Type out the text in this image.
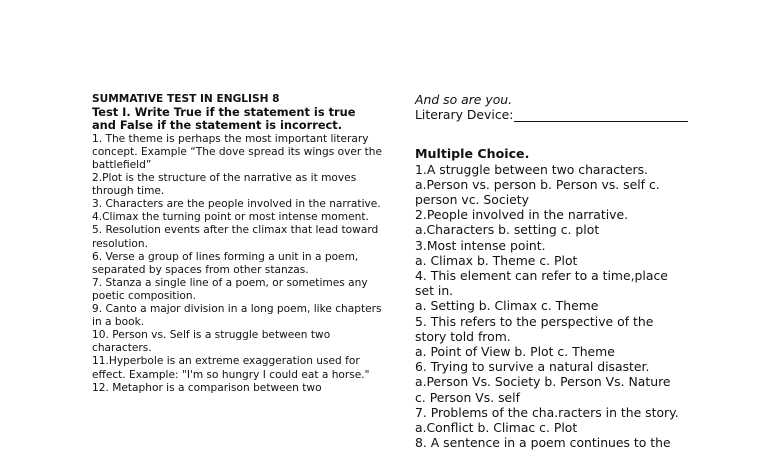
SUMMATIVE TEST IN ENGLISH 8
Test I. Write True if the statement is true and False if the statement is incorrect.
1. The theme is perhaps the most important literary concept. Example “The dove spread its wings over the battlefield”
2.Plot is the structure of the narrative as it moves through time.
3. Characters are the people involved in the narrative.
4.Climax the turning point or most intense moment.
5. Resolution events after the climax that lead toward resolution.
6. Verse a group of lines forming a unit in a poem, separated by spaces from other stanzas.
7. Stanza a single line of a poem, or sometimes any poetic composition.
9. Canto a major division in a long poem, like chapters in a book.
10. Person vs. Self is a struggle between two characters.
11.Hyperbole is an extreme exaggeration used for effect. Example: "I'm so hungry I could eat a horse."
12. Metaphor is a comparison between two
And so are you.
Literary Device:
Multiple Choice.
1.A struggle between two characters.
a.Person vs. person b. Person vs. self c.
person vc. Society
2.People involved in the narrative.
a.Characters b. setting c. plot
3.Most intense point.
a. Climax b. Theme c. Plot
4. This element can refer to a time,place
set in.
a. Setting b. Climax c. Theme
5. This refers to the perspective of the
story told from.
a. Point of View b. Plot c. Theme
6. Trying to survive a natural disaster.
a.Person Vs. Society b. Person Vs. Nature
c. Person Vs. self
7. Problems of the cha.racters in the story.
a.Conflict b. Climac c. Plot
8. A sentence in a poem continues to the
